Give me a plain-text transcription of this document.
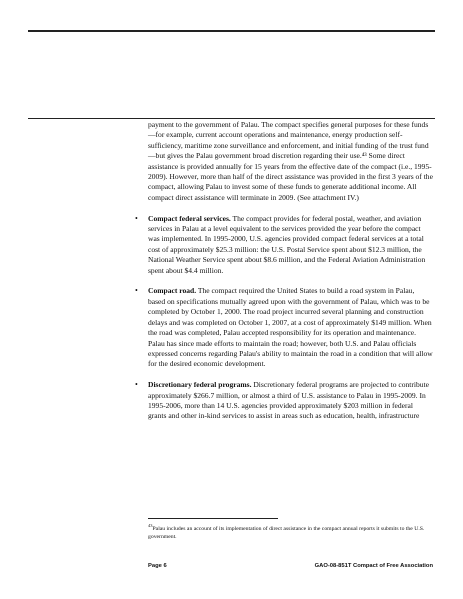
payment to the government of Palau. The compact specifies general purposes for these funds—for example, current account operations and maintenance, energy production self-sufficiency, maritime zone surveillance and enforcement, and initial funding of the trust fund—but gives the Palau government broad discretion regarding their use.⁴³ Some direct assistance is provided annually for 15 years from the effective date of the compact (i.e., 1995-2009). However, more than half of the direct assistance was provided in the first 3 years of the compact, allowing Palau to invest some of these funds to generate additional income. All compact direct assistance will terminate in 2009. (See attachment IV.)

• Compact federal services. The compact provides for federal postal, weather, and aviation services in Palau at a level equivalent to the services provided the year before the compact was implemented. In 1995-2000, U.S. agencies provided compact federal services at a total cost of approximately $25.3 million: the U.S. Postal Service spent about $12.3 million, the National Weather Service spent about $8.6 million, and the Federal Aviation Administration spent about $4.4 million.
• Compact road. The compact required the United States to build a road system in Palau, based on specifications mutually agreed upon with the government of Palau, which was to be completed by October 1, 2000. The road project incurred several planning and construction delays and was completed on October 1, 2007, at a cost of approximately $149 million. When the road was completed, Palau accepted responsibility for its operation and maintenance. Palau has since made efforts to maintain the road; however, both U.S. and Palau officials expressed concerns regarding Palau's ability to maintain the road in a condition that will allow for the desired economic development.
• Discretionary federal programs. Discretionary federal programs are projected to contribute approximately $266.7 million, or almost a third of U.S. assistance to Palau in 1995-2009. In 1995-2006, more than 14 U.S. agencies provided approximately $203 million in federal grants and other in-kind services to assist in areas such as education, health, infrastructure
$^{43}$Palau includes an account of its implementation of direct assistance in the compact annual reports it submits to the U.S. government.
Page 6	GAO-08-851T Compact of Free Association
